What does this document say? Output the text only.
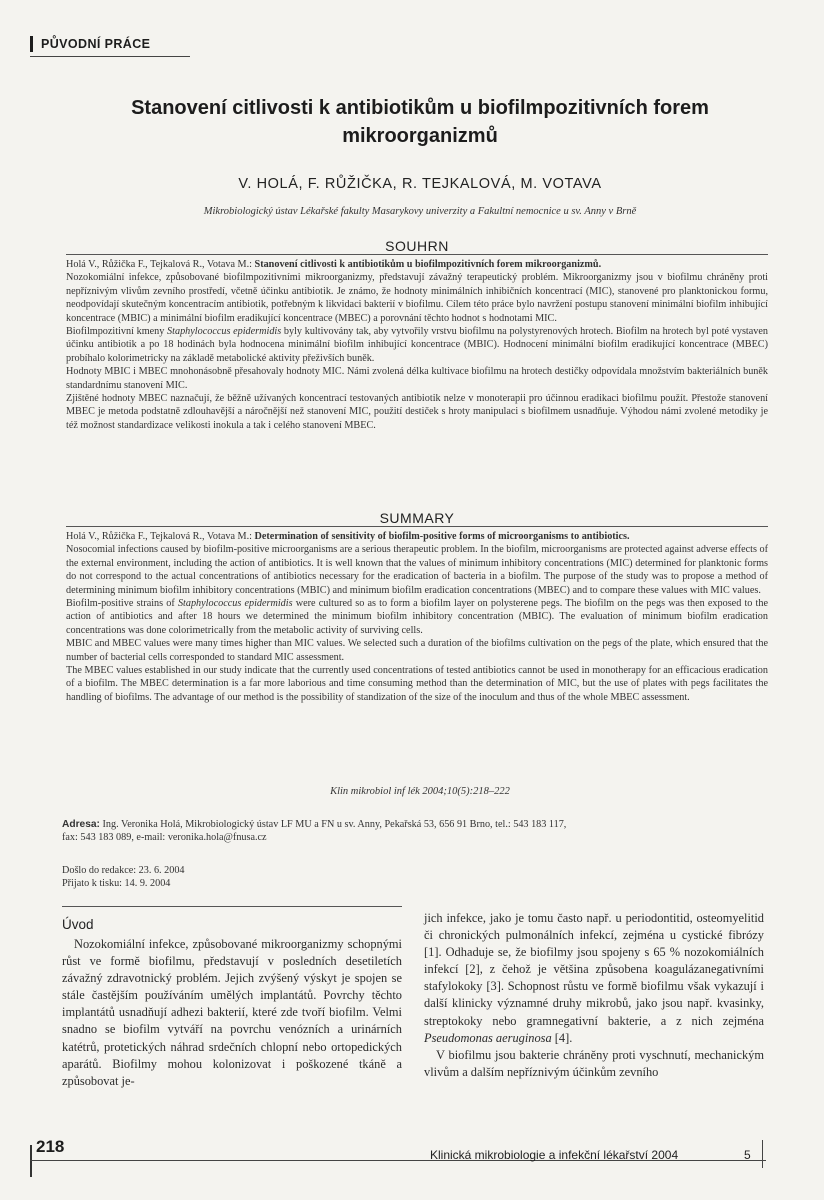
PŮVODNÍ PRÁCE
Stanovení citlivosti k antibiotikům u biofilmpozitivních forem mikroorganizmů
V. HOLÁ, F. RŮŽIČKA, R. TEJKALOVÁ, M. VOTAVA
Mikrobiologický ústav Lékařské fakulty Masarykovy univerzity a Fakultní nemocnice u sv. Anny v Brně
SOUHRN

Holá V., Růžička F., Tejkalová R., Votava M.: Stanovení citlivosti k antibiotikům u biofilmpozitivních forem mikroorganizmů.

Nozokomiální infekce, způsobované biofilmpozitivními mikroorganizmy, představují závažný terapeutický problém. Mikroorganizmy jsou v biofilmu chráněny proti nepříznivým vlivům zevního prostředí, včetně účinku antibiotik. Je známo, že hodnoty minimálních inhibičních koncentrací (MIC), stanovené pro planktonickou formu, neodpovídají skutečným koncentracím antibiotik, potřebným k likvidaci bakterií v biofilmu. Cílem této práce bylo navržení postupu stanovení minimální biofilm inhibující koncentrace (MBIC) a minimální biofilm eradikující koncentrace (MBEC) a porovnání těchto hodnot s hodnotami MIC.

Biofilmpozitivní kmeny Staphylococcus epidermidis byly kultivovány tak, aby vytvořily vrstvu biofilmu na polystyrenových hrotech. Biofilm na hrotech byl poté vystaven účinku antibiotik a po 18 hodinách byla hodnocena minimální biofilm inhibující koncentrace (MBIC). Hodnocení minimální biofilm eradikující koncentrace (MBEC) probíhalo kolorimetricky na základě metabolické aktivity přeživších buněk.

Hodnoty MBIC i MBEC mnohonásobně přesahovaly hodnoty MIC. Námi zvolená délka kultivace biofilmu na hrotech destičky odpovídala množstvím bakteriálních buněk standardnímu stanovení MIC.

Zjištěné hodnoty MBEC naznačují, že běžně užívaných koncentrací testovaných antibiotik nelze v monoterapii pro účinnou eradikaci biofilmu použít. Přestože stanovení MBEC je metoda podstatně zdlouhavější a náročnější než stanovení MIC, použití destiček s hroty manipulaci s biofilmem usnadňuje. Výhodou námi zvolené metodiky je též možnost standardizace velikosti inokula a tak i celého stanovení MBEC.

SUMMARY

Holá V., Růžička F., Tejkalová R., Votava M.: Determination of sensitivity of biofilm-positive forms of microorganisms to antibiotics.

Nosocomial infections caused by biofilm-positive microorganisms are a serious therapeutic problem. In the biofilm, microorganisms are protected against adverse effects of the external environment, including the action of antibiotics. It is well known that the values of minimum inhibitory concentrations (MIC) determined for planktonic forms do not correspond to the actual concentrations of antibiotics necessary for the eradication of bacteria in a biofilm. The purpose of the study was to propose a method of determining minimum biofilm inhibitory concentrations (MBIC) and minimum biofilm eradication concentrations (MBEC) and to compare these values with MIC values.

Biofilm-positive strains of Staphylococcus epidermidis were cultured so as to form a biofilm layer on polysterene pegs. The biofilm on the pegs was then exposed to the action of antibiotics and after 18 hours we determined the minimum biofilm inhibitory concentration (MBIC). The evaluation of minimum biofilm eradication concentrations was done colorimetrically from the metabolic activity of surviving cells.

MBIC and MBEC values were many times higher than MIC values. We selected such a duration of the biofilms cultivation on the pegs of the plate, which ensured that the number of bacterial cells corresponded to standard MIC assessment.

The MBEC values established in our study indicate that the currently used concentrations of tested antibiotics cannot be used in monotherapy for an efficacious eradication of a biofilm. The MBEC determination is a far more laborious and time consuming method than the determination of MIC, but the use of plates with pegs facilitates the handling of biofilms. The advantage of our method is the possibility of standization of the size of the inoculum and thus of the whole MBEC assessment.

Klin mikrobiol inf lék 2004;10(5):218–222
Adresa: Ing. Veronika Holá, Mikrobiologický ústav LF MU a FN u sv. Anny, Pekařská 53, 656 91 Brno, tel.: 543 183 117,
fax: 543 183 089, e-mail: veronika.hola@fnusa.cz
Došlo do redakce: 23. 6. 2004
Přijato k tisku: 14. 9. 2004
Úvod

Nozokomiální infekce, způsobované mikroorganizmy schopnými růst ve formě biofilmu, představují v posledních desetiletích závažný zdravotnický problém. Jejich zvýšený výskyt je spojen se stále častějším používáním umělých implantátů. Povrchy těchto implantátů usnadňují adhezi bakterií, které zde tvoří biofilm. Velmi snadno se biofilm vytváří na povrchu venózních a urinárních katétrů, protetických náhrad srdečních chlopní nebo ortopedických aparátů. Biofilmy mohou kolonizovat i poškozené tkáně a způsobovat je-

jich infekce, jako je tomu často např. u periodontitid, osteomyelitid či chronických pulmonálních infekcí, zejména u cystické fibrózy [1]. Odhaduje se, že biofilmy jsou spojeny s 65 % nozokomiálních infekcí [2], z čehož je většina způsobena koagulázanegativními stafylokoky [3]. Schopnost růstu ve formě biofilmu však vykazují i další klinicky významné druhy mikrobů, jako jsou např. kvasinky, streptokoky nebo gramnegativní bakterie, a z nich zejména Pseudomonas aeruginosa [4].

V biofilmu jsou bakterie chráněny proti vyschnutí, mechanickým vlivům a dalším nepříznivým účinkům zevního

218	Klinická mikrobiologie a infekční lékařství 2004	5
